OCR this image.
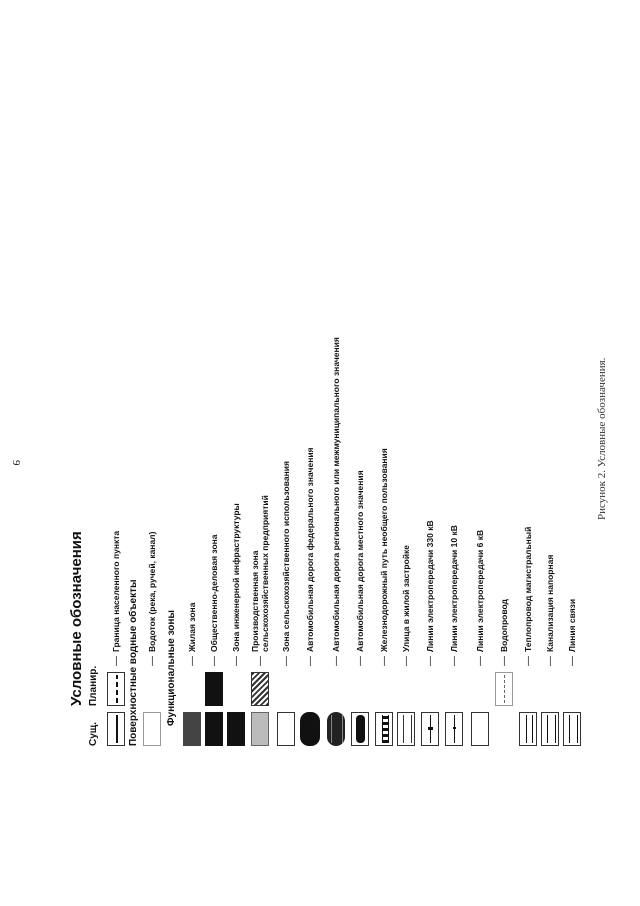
9
Условные обозначения
Сущ.
Планир.
—
Граница населенного пункта Поверхностные водные объекты —
Водоток (река, ручей, канал)
Функциональные зоны —
Жилая зона
—
Общественно-деловая зона
—
Зона инженерной инфраструктуры
—
Производственная зона сельскохозяйственных предприятий
—
Зона сельскохозяйственного использования
—
Автомобильная дорога федерального значения
—
Автомобильная дорога регионального или межмуниципального значения
—
Автомобильная дорога местного значения
—
Железнодорожный путь необщего пользования
—
Улица в жилой застройке
—
Линии электропередачи 330 кВ
—
Линии электропередачи 10 кВ
—
Линии электропередачи 6 кВ
—
Водопровод
—
Теплопровод магистральный
—
Канализация напорная
—
Линия связи
Рисунок 2. Условные обозначения.
